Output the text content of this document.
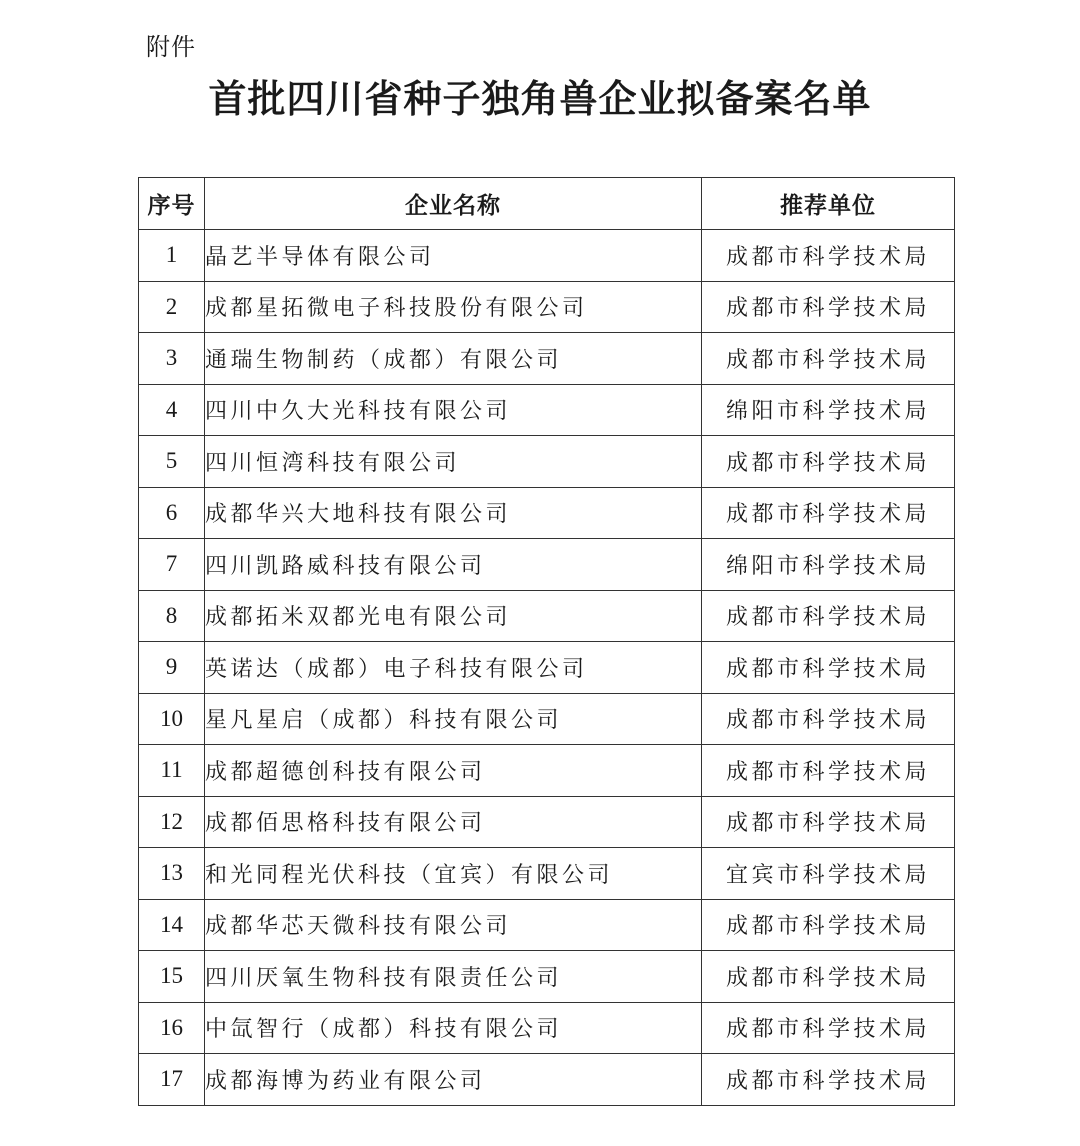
附件
首批四川省种子独角兽企业拟备案名单
序号	企业名称	推荐单位
1	晶艺半导体有限公司	成都市科学技术局
2	成都星拓微电子科技股份有限公司	成都市科学技术局
3	通瑞生物制药（成都）有限公司	成都市科学技术局
4	四川中久大光科技有限公司	绵阳市科学技术局
5	四川恒湾科技有限公司	成都市科学技术局
6	成都华兴大地科技有限公司	成都市科学技术局
7	四川凯路威科技有限公司	绵阳市科学技术局
8	成都拓米双都光电有限公司	成都市科学技术局
9	英诺达（成都）电子科技有限公司	成都市科学技术局
10	星凡星启（成都）科技有限公司	成都市科学技术局
11	成都超德创科技有限公司	成都市科学技术局
12	成都佰思格科技有限公司	成都市科学技术局
13	和光同程光伏科技（宜宾）有限公司	宜宾市科学技术局
14	成都华芯天微科技有限公司	成都市科学技术局
15	四川厌氧生物科技有限责任公司	成都市科学技术局
16	中氙智行（成都）科技有限公司	成都市科学技术局
17	成都海博为药业有限公司	成都市科学技术局
